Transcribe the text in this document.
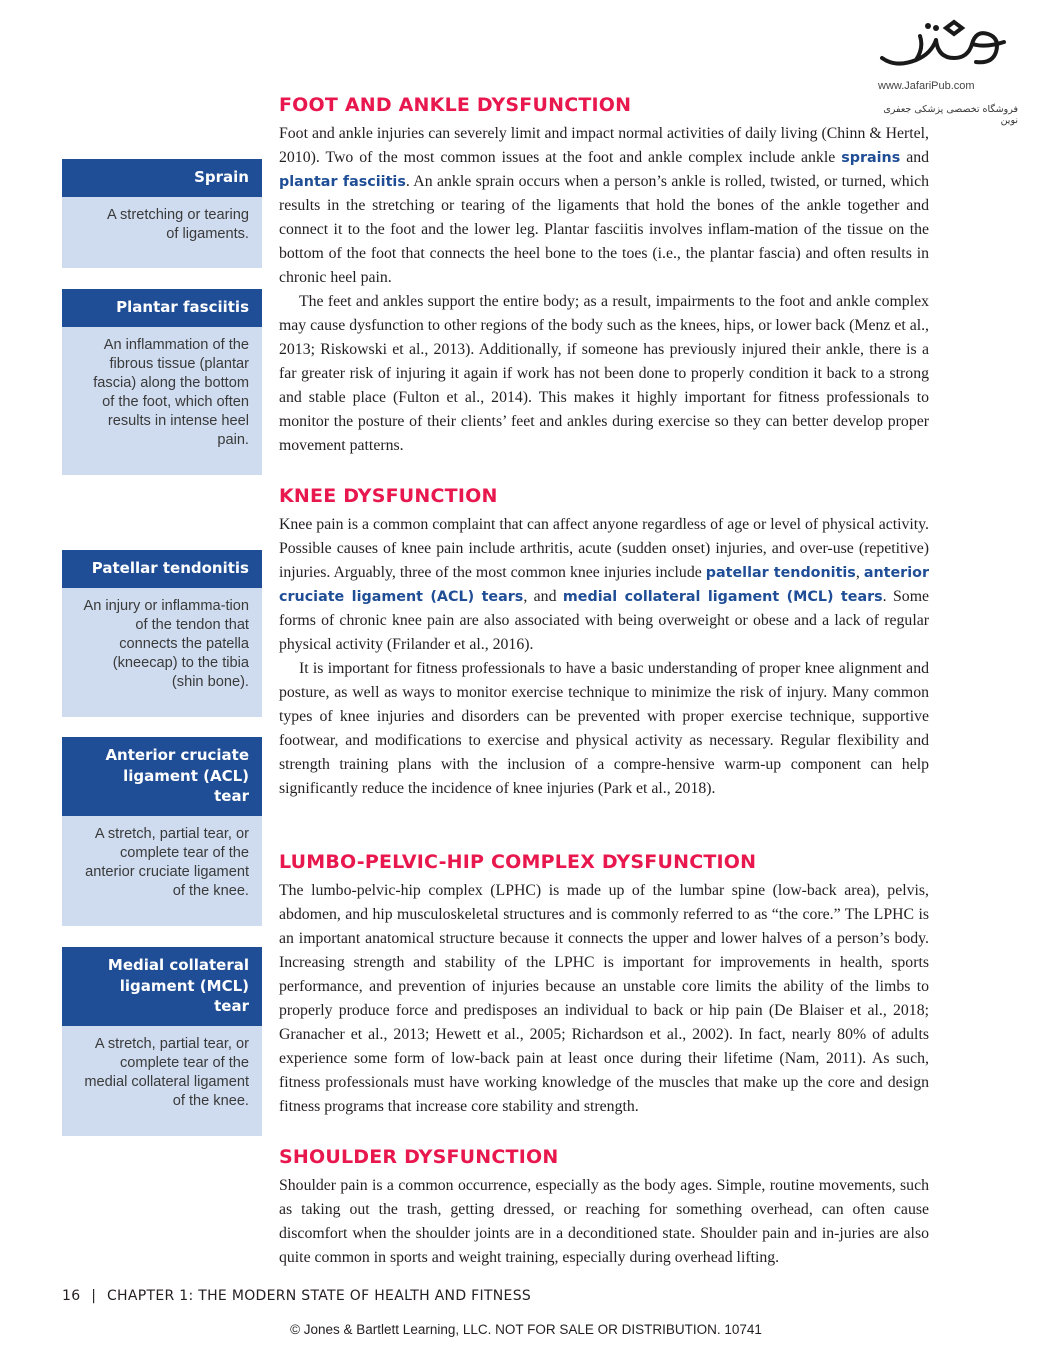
www.JafariPub.com
فروشگاه تخصصی پزشکی جعفری نوین
Sprain
A stretching or tearing of ligaments.
Plantar fasciitis
An inflammation of the fibrous tissue (plantar fascia) along the bottom of the foot, which often results in intense heel pain.
Patellar tendonitis
An injury or inflamma-tion of the tendon that connects the patella (kneecap) to the tibia (shin bone).
Anterior cruciate ligament (ACL) tear
A stretch, partial tear, or complete tear of the anterior cruciate ligament of the knee.
Medial collateral ligament (MCL) tear
A stretch, partial tear, or complete tear of the medial collateral ligament of the knee.
FOOT AND ANKLE DYSFUNCTION

Foot and ankle injuries can severely limit and impact normal activities of daily living (Chinn & Hertel, 2010). Two of the most common issues at the foot and ankle complex include ankle sprains and plantar fasciitis. An ankle sprain occurs when a person’s ankle is rolled, twisted, or turned, which results in the stretching or tearing of the ligaments that hold the bones of the ankle together and connect it to the foot and the lower leg. Plantar fasciitis involves inflam-mation of the tissue on the bottom of the foot that connects the heel bone to the toes (i.e., the plantar fascia) and often results in chronic heel pain.

The feet and ankles support the entire body; as a result, impairments to the foot and ankle complex may cause dysfunction to other regions of the body such as the knees, hips, or lower back (Menz et al., 2013; Riskowski et al., 2013). Additionally, if someone has previously injured their ankle, there is a far greater risk of injuring it again if work has not been done to properly condition it back to a strong and stable place (Fulton et al., 2014). This makes it highly important for fitness professionals to monitor the posture of their clients’ feet and ankles during exercise so they can better develop proper movement patterns.

KNEE DYSFUNCTION

Knee pain is a common complaint that can affect anyone regardless of age or level of physical activity. Possible causes of knee pain include arthritis, acute (sudden onset) injuries, and over-use (repetitive) injuries. Arguably, three of the most common knee injuries include patellar tendonitis, anterior cruciate ligament (ACL) tears, and medial collateral ligament (MCL) tears. Some forms of chronic knee pain are also associated with being overweight or obese and a lack of regular physical activity (Frilander et al., 2016).

It is important for fitness professionals to have a basic understanding of proper knee alignment and posture, as well as ways to monitor exercise technique to minimize the risk of injury. Many common types of knee injuries and disorders can be prevented with proper exercise technique, supportive footwear, and modifications to exercise and physical activity as necessary. Regular flexibility and strength training plans with the inclusion of a compre-hensive warm-up component can help significantly reduce the incidence of knee injuries (Park et al., 2018).

LUMBO-PELVIC-HIP COMPLEX DYSFUNCTION

The lumbo-pelvic-hip complex (LPHC) is made up of the lumbar spine (low-back area), pelvis, abdomen, and hip musculoskeletal structures and is commonly referred to as “the core.” The LPHC is an important anatomical structure because it connects the upper and lower halves of a person’s body. Increasing strength and stability of the LPHC is important for improvements in health, sports performance, and prevention of injuries because an unstable core limits the ability of the limbs to properly produce force and predisposes an individual to back or hip pain (De Blaiser et al., 2018; Granacher et al., 2013; Hewett et al., 2005; Richardson et al., 2002). In fact, nearly 80% of adults experience some form of low-back pain at least once during their lifetime (Nam, 2011). As such, fitness professionals must have working knowledge of the muscles that make up the core and design fitness programs that increase core stability and strength.

SHOULDER DYSFUNCTION

Shoulder pain is a common occurrence, especially as the body ages. Simple, routine movements, such as taking out the trash, getting dressed, or reaching for something overhead, can often cause discomfort when the shoulder joints are in a deconditioned state. Shoulder pain and in-juries are also quite common in sports and weight training, especially during overhead lifting.

16 | CHAPTER 1: THE MODERN STATE OF HEALTH AND FITNESS
© Jones & Bartlett Learning, LLC. NOT FOR SALE OR DISTRIBUTION. 10741
